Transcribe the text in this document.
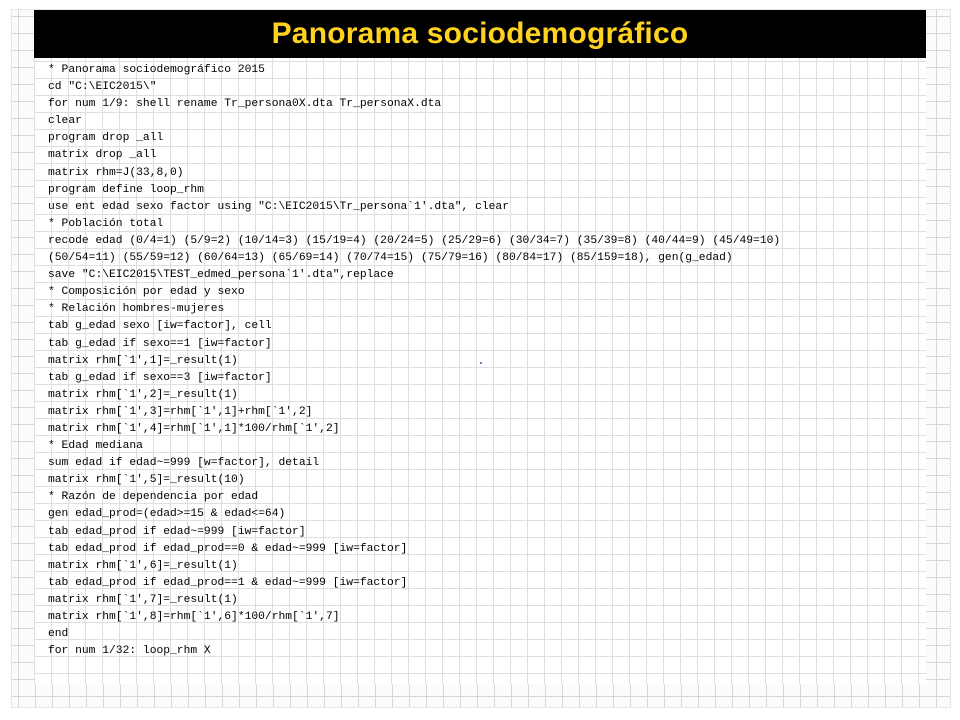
Panorama sociodemográfico
* Panorama sociodemográfico 2015
cd "C:\EIC2015\"
for num 1/9: shell rename Tr_persona0X.dta Tr_personaX.dta
clear
program drop _all
matrix drop _all
matrix rhm=J(33,8,0)
program define loop_rhm
use ent edad sexo factor using "C:\EIC2015\Tr_persona`1'.dta", clear
* Población total
recode edad (0/4=1) (5/9=2) (10/14=3) (15/19=4) (20/24=5) (25/29=6) (30/34=7) (35/39=8) (40/44=9) (45/49=10)
(50/54=11) (55/59=12) (60/64=13) (65/69=14) (70/74=15) (75/79=16) (80/84=17) (85/159=18), gen(g_edad)
save "C:\EIC2015\TEST_edmed_persona`1'.dta",replace
* Composición por edad y sexo
* Relación hombres-mujeres
tab g_edad sexo [iw=factor], cell
tab g_edad if sexo==1 [iw=factor]
matrix rhm[`1',1]=_result(1)
tab g_edad if sexo==3 [iw=factor]
matrix rhm[`1',2]=_result(1)
matrix rhm[`1',3]=rhm[`1',1]+rhm[`1',2]
matrix rhm[`1',4]=rhm[`1',1]*100/rhm[`1',2]
* Edad mediana
sum edad if edad~=999 [w=factor], detail
matrix rhm[`1',5]=_result(10)
* Razón de dependencia por edad
gen edad_prod=(edad>=15 & edad<=64)
tab edad_prod if edad~=999 [iw=factor]
tab edad_prod if edad_prod==0 & edad~=999 [iw=factor]
matrix rhm[`1',6]=_result(1)
tab edad_prod if edad_prod==1 & edad~=999 [iw=factor]
matrix rhm[`1',7]=_result(1)
matrix rhm[`1',8]=rhm[`1',6]*100/rhm[`1',7]
end
for num 1/32: loop_rhm X
